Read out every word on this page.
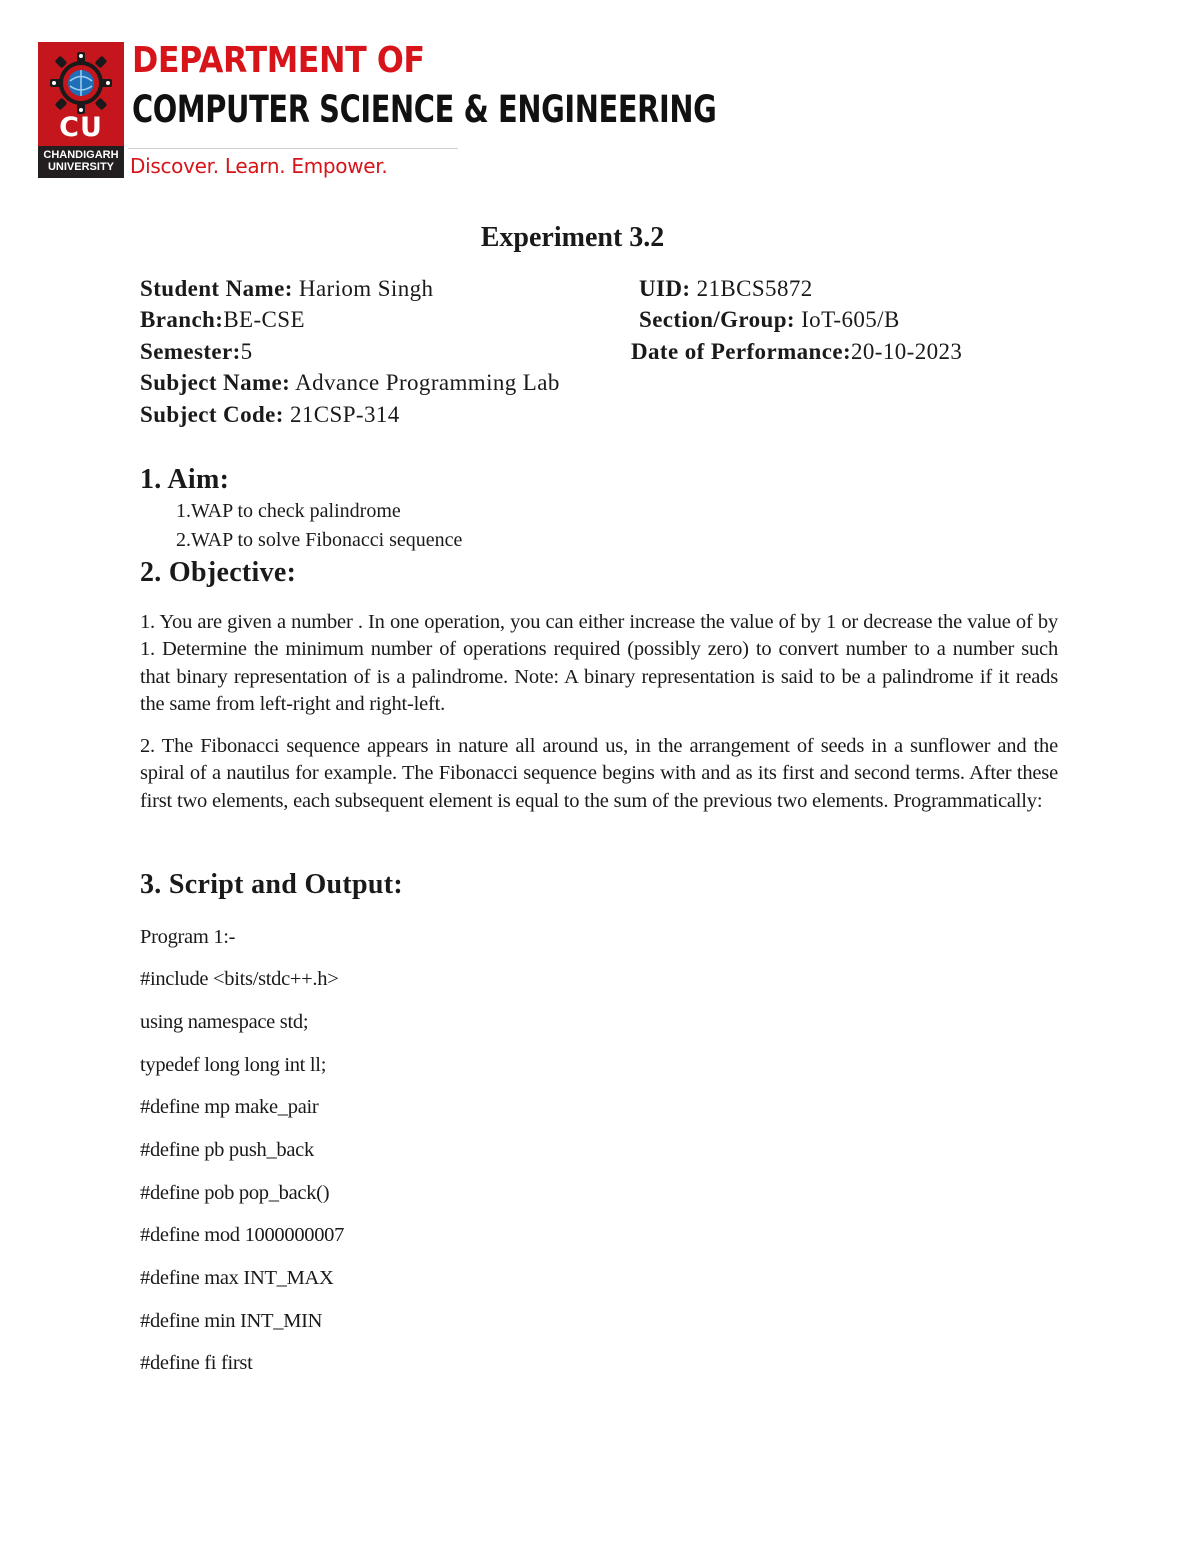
CU
CHANDIGARH
UNIVERSITY
DEPARTMENT OF
COMPUTER SCIENCE & ENGINEERING
Discover. Learn. Empower.
Experiment 3.2
Student Name: Hariom Singh	UID: 21BCS5872
Branch:BE-CSE	Section/Group: IoT-605/B
Semester:5	Date of Performance:20-10-2023
Subject Name: Advance Programming Lab
Subject Code: 21CSP-314
1. Aim:
1.WAP to check palindrome
2.WAP to solve Fibonacci sequence
2. Objective:
1. You are given a number . In one operation, you can either increase the value of by 1 or decrease the value of by 1. Determine the minimum number of operations required (possibly zero) to convert number to a number such that binary representation of is a palindrome. Note: A binary representation is said to be a palindrome if it reads the same from left-right and right-left.
2. The Fibonacci sequence appears in nature all around us, in the arrangement of seeds in a sunflower and the spiral of a nautilus for example. The Fibonacci sequence begins with and as its first and second terms. After these first two elements, each subsequent element is equal to the sum of the previous two elements. Programmatically:
3. Script and Output:
Program 1:-
#include <bits/stdc++.h>
using namespace std;
typedef long long int ll;
#define mp make_pair
#define pb push_back
#define pob pop_back()
#define mod 1000000007
#define max INT_MAX
#define min INT_MIN
#define fi first
